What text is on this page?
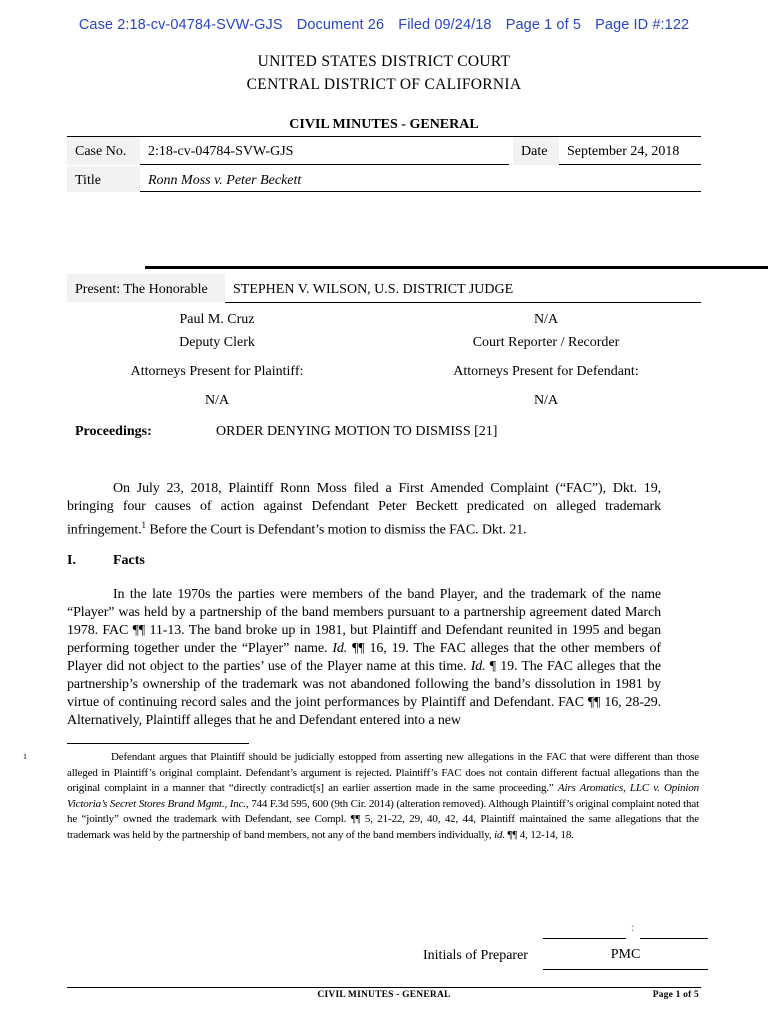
Case 2:18-cv-04784-SVW-GJS Document 26 Filed 09/24/18 Page 1 of 5 Page ID #:122
UNITED STATES DISTRICT COURT
CENTRAL DISTRICT OF CALIFORNIA
CIVIL MINUTES - GENERAL
Case No. 2:18-cv-04784-SVW-GJS	Date September 24, 2018
Title	Ronn Moss v. Peter Beckett
Present: The Honorable STEPHEN V. WILSON, U.S. DISTRICT JUDGE
Paul M. Cruz	N/A
Deputy Clerk	Court Reporter / Recorder
Attorneys Present for Plaintiff:	Attorneys Present for Defendant:
N/A	N/A
Proceedings:	ORDER DENYING MOTION TO DISMISS [21]
On July 23, 2018, Plaintiff Ronn Moss filed a First Amended Complaint (“FAC”), Dkt. 19, bringing four causes of action against Defendant Peter Beckett predicated on alleged trademark infringement.$^1$ Before the Court is Defendant’s motion to dismiss the FAC. Dkt. 21.
I.	Facts
In the late 1970s the parties were members of the band Player, and the trademark of the name “Player” was held by a partnership of the band members pursuant to a partnership agreement dated March 1978. FAC ¶¶ 11-13. The band broke up in 1981, but Plaintiff and Defendant reunited in 1995 and began performing together under the “Player” name. Id. ¶¶ 16, 19. The FAC alleges that the other members of Player did not object to the parties’ use of the Player name at this time. Id. ¶ 19. The FAC alleges that the partnership’s ownership of the trademark was not abandoned following the band’s dissolution in 1981 by virtue of continuing record sales and the joint performances by Plaintiff and Defendant. FAC ¶¶ 16, 28-29. Alternatively, Plaintiff alleges that he and Defendant entered into a new
1	Defendant argues that Plaintiff should be judicially estopped from asserting new allegations in the FAC that were different than those alleged in Plaintiff’s original complaint. Defendant’s argument is rejected. Plaintiff’s FAC does not contain different factual allegations than the original complaint in a manner that “directly contradict[s] an earlier assertion made in the same proceeding.” Airs Aromatics, LLC v. Opinion Victoria’s Secret Stores Brand Mgmt., Inc., 744 F.3d 595, 600 (9th Cir. 2014) (alteration removed). Although Plaintiff’s original complaint noted that he “jointly” owned the trademark with Defendant, see Compl. ¶¶ 5, 21-22, 29, 40, 42, 44, Plaintiff maintained the same allegations that the trademark was held by the partnership of band members, not any of the band members individually, id. ¶¶ 4, 12-14, 18.
:
Initials of Preparer	PMC
CIVIL MINUTES - GENERAL	Page 1 of 5
